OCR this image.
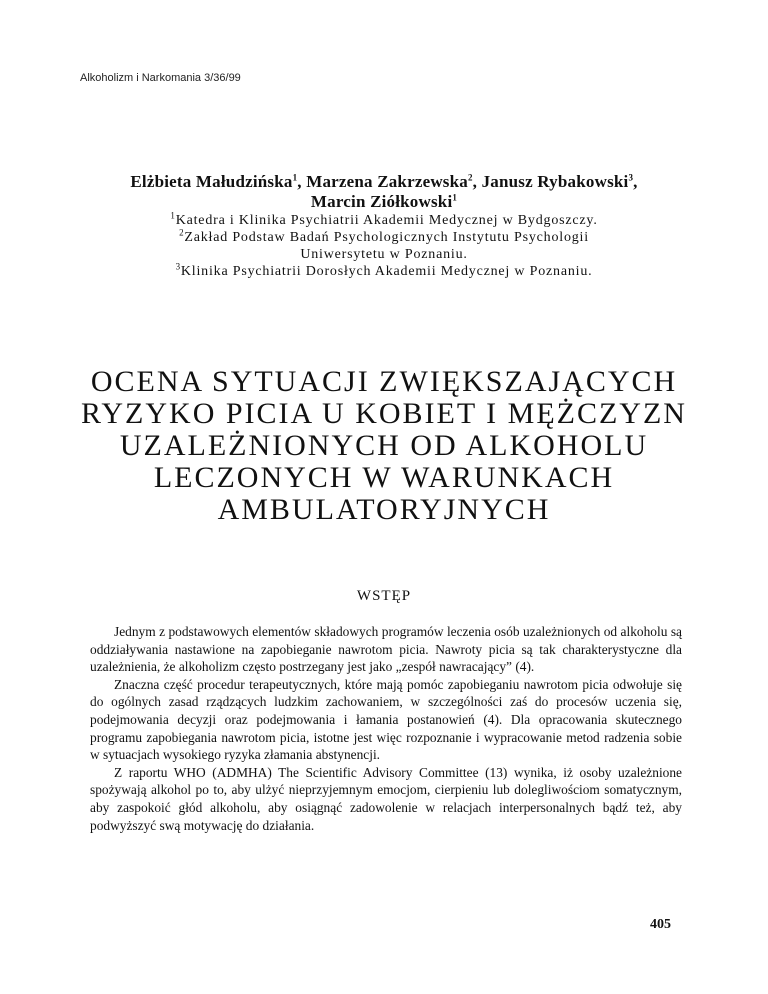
Alkoholizm i Narkomania 3/36/99
Elżbieta Małudzińska$^1$, Marzena Zakrzewska$^2$, Janusz Rybakowski$^3$,
Marcin Ziółkowski$^1$
$^1$Katedra i Klinika Psychiatrii Akademii Medycznej w Bydgoszczy.
$^2$Zakład Podstaw Badań Psychologicznych Instytutu Psychologii
Uniwersytetu w Poznaniu.
$^3$Klinika Psychiatrii Dorosłych Akademii Medycznej w Poznaniu.
OCENA SYTUACJI ZWIĘKSZAJĄCYCH
RYZYKO PICIA U KOBIET I MĘŻCZYZN
UZALEŻNIONYCH OD ALKOHOLU
LECZONYCH W WARUNKACH
AMBULATORYJNYCH
WSTĘP

Jednym z podstawowych elementów składowych programów leczenia osób uzależnionych od alkoholu są oddziaływania nastawione na zapobieganie nawrotom picia. Nawroty picia są tak charakterystyczne dla uzależnienia, że alkoholizm często postrzegany jest jako „zespół nawracający” (4).

Znaczna część procedur terapeutycznych, które mają pomóc zapobieganiu nawrotom picia odwołuje się do ogólnych zasad rządzących ludzkim zachowaniem, w szczególności zaś do procesów uczenia się, podejmowania decyzji oraz podejmowania i łamania postanowień (4). Dla opracowania skutecznego programu zapobiegania nawrotom picia, istotne jest więc rozpoznanie i wypracowanie metod radzenia sobie w sytuacjach wysokiego ryzyka złamania abstynencji.

Z raportu WHO (ADMHA) The Scientific Advisory Committee (13) wynika, iż osoby uzależnione spożywają alkohol po to, aby ulżyć nieprzyjemnym emocjom, cierpieniu lub dolegliwościom somatycznym, aby zaspokoić głód alkoholu, aby osiągnąć zadowolenie w relacjach interpersonalnych bądź też, aby podwyższyć swą motywację do działania.

405
